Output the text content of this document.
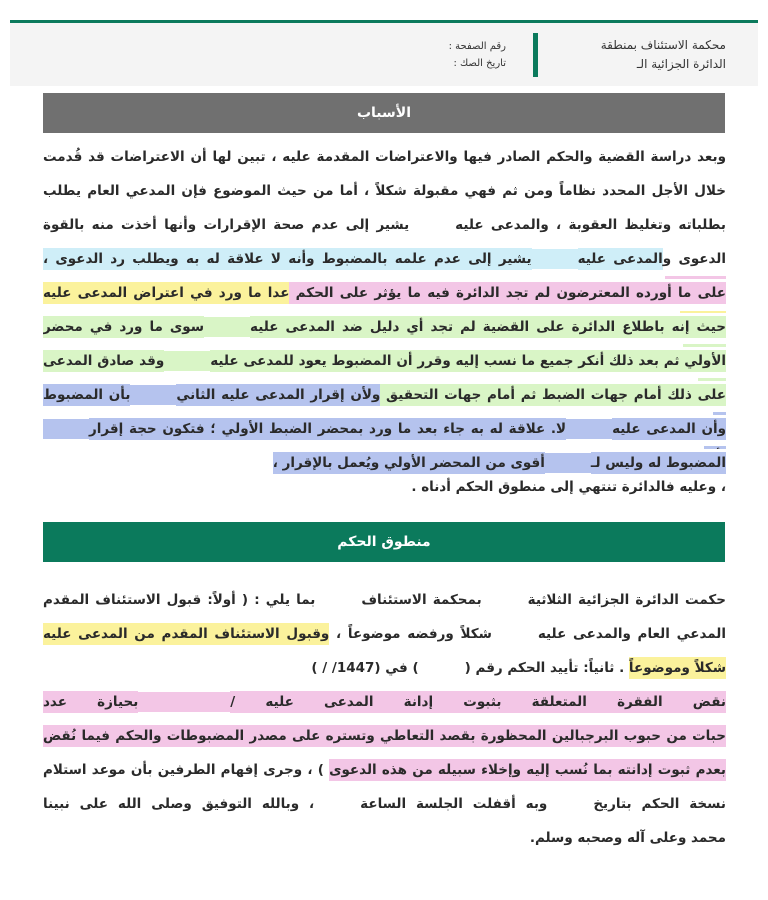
محكمة الاستئناف بمنطقة
الدائرة الجزائية الـ
رقم الصفحة :
تاريخ الصك :
الأسباب
وبعد دراسة القضية والحكم الصادر فيها والاعتراضات المقدمة عليه ، تبين لها أن الاعتراضات قد قُدمت
خلال الأجل المحدد نظاماً ومن ثم فهي مقبولة شكلاً ، أما من حيث الموضوع فإن المدعي العام يطلب
بطلباته وتغليظ العقوبة ، والمدعى عليهيشير إلى عدم صحة الإقرارات وأنها أخذت منه بالقوة
الدعوى والمدعى عليهيشير إلى عدم علمه بالمضبوط وأنه لا علاقة له به ويطلب رد الدعوى ،
على ما أورده المعترضون لم تجد الدائرة فيه ما يؤثر على الحكم عدا ما ورد في اعتراض المدعى عليه
حيث إنه باطلاع الدائرة على القضية لم تجد أي دليل ضد المدعى عليهسوى ما ورد في محضر
الأولي ثم بعد ذلك أنكر جميع ما نسب إليه وقرر أن المضبوط يعود للمدعى عليهوقد صادق المدعى
على ذلك أمام جهات الضبط ثم أمام جهات التحقيق ولأن إقرار المدعى عليه الثانيبأن المضبوط
وأن المدعى عليهلا. علاقة له به جاء بعد ما ورد بمحضر الضبط الأولي ؛ فتكون حجة إقرار
المضبوط له وليس لـأقوى من المحضر الأولي ويُعمل بالإقرار ،
، وعليه فالدائرة تنتهي إلى منطوق الحكم أدناه .
منطوق الحكم
حكمت الدائرة الجزائية الثلاثيةبمحكمة الاستئنافبما يلي : ( أولاً: قبول الاستئناف المقدم
المدعي العام والمدعى عليهشكلاً ورفضه موضوعاً ، وقبول الاستئناف المقدم من المدعى عليه
شكلاً وموضوعاً . ثانياً: تأييد الحكم رقم () في (1447/ / )
نقض الفقرة المتعلقة بثبوت إدانة المدعى عليه /بحيازة عدد
حبات من حبوب البرجبالين المحظورة بقصد التعاطي وتستره على مصدر المضبوطات والحكم فيما نُقض
بعدم ثبوت إدانته بما نُسب إليه وإخلاء سبيله من هذه الدعوى ) ، وجرى إفهام الطرفين بأن موعد استلام
نسخة الحكم بتاريخوبه أقفلت الجلسة الساعة، وبالله التوفيق وصلى الله على نبينا
محمد وعلى آله وصحبه وسلم.
